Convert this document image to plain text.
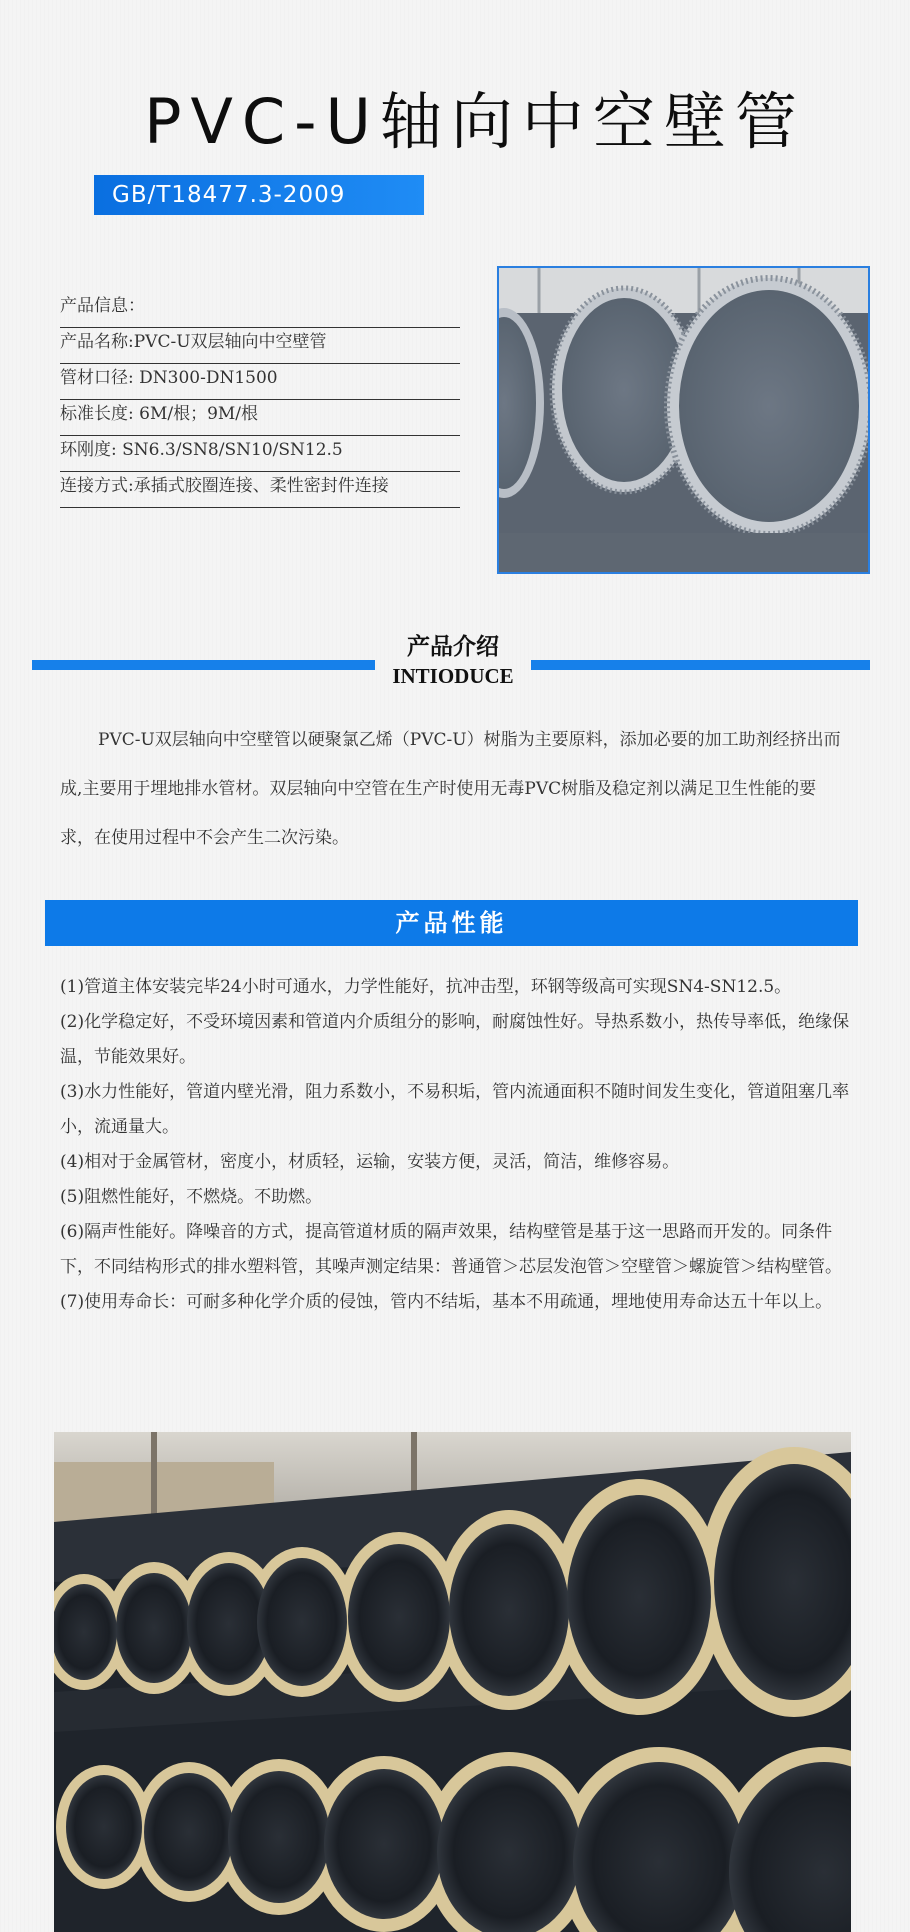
PVC-U轴向中空壁管
GB/T18477.3-2009
产品信息：
产品名称:PVC-U双层轴向中空壁管
管材口径: DN300-DN1500
标准长度: 6M/根；9M/根
环刚度: SN6.3/SN8/SN10/SN12.5
连接方式:承插式胶圈连接、柔性密封件连接
产品介绍
INTIODUCE
PVC-U双层轴向中空壁管以硬聚氯乙烯（PVC-U）树脂为主要原料，添加必要的加工助剂经挤出而成,主要用于埋地排水管材。双层轴向中空管在生产时使用无毒PVC树脂及稳定剂以满足卫生性能的要求，在使用过程中不会产生二次污染。
产品性能

(1)管道主体安装完毕24小时可通水，力学性能好，抗冲击型，环钢等级高可实现SN4-SN12.5。

(2)化学稳定好，不受环境因素和管道内介质组分的影响，耐腐蚀性好。导热系数小，热传导率低，绝缘保温，节能效果好。

(3)水力性能好，管道内壁光滑，阻力系数小，不易积垢，管内流通面积不随时间发生变化，管道阻塞几率小，流通量大。

(4)相对于金属管材，密度小，材质轻，运输，安装方便，灵活，简洁，维修容易。

(5)阻燃性能好，不燃烧。不助燃。

(6)隔声性能好。降噪音的方式，提高管道材质的隔声效果，结构壁管是基于这一思路而开发的。同条件下，不同结构形式的排水塑料管，其噪声测定结果：普通管＞芯层发泡管＞空壁管＞螺旋管＞结构壁管。

(7)使用寿命长：可耐多种化学介质的侵蚀，管内不结垢，基本不用疏通，埋地使用寿命达五十年以上。
